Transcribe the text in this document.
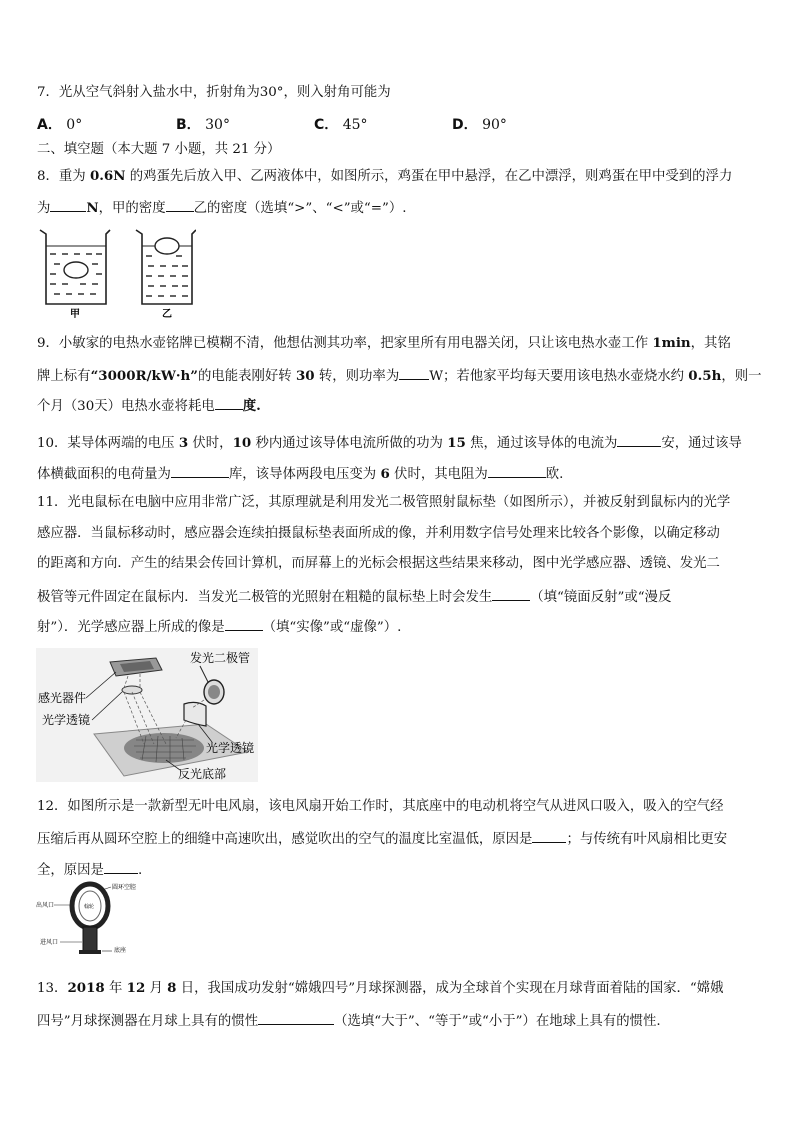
7．光从空气斜射入盐水中，折射角为30°，则入射角可能为
A． 0°	B． 30°	C． 45°	D． 90°
二、填空题（本大题 7 小题，共 21 分）
8．重为 0.6N 的鸡蛋先后放入甲、乙两液体中，如图所示，鸡蛋在甲中悬浮，在乙中漂浮，则鸡蛋在甲中受到的浮力
为	N，甲的密度 乙的密度（选填“>”、“<”或“=”）.
甲	乙
9．小敏家的电热水壶铭牌已模糊不清，他想估测其功率，把家里所有用电器关闭，只让该电热水壶工作 1min，其铭
牌上标有“3000R/kW·h”的电能表刚好转 30 转，则功率为 W；若他家平均每天要用该电热水壶烧水约 0.5h，则一
个月（30天）电热水壶将耗电 度.
10．某导体两端的电压 3 伏时，10 秒内通过该导体电流所做的功为 15 焦，通过该导体的电流为	安，通过该导
体横截面积的电荷量为	库，该导体两段电压变为 6 伏时，其电阻为	欧.
11．光电鼠标在电脑中应用非常广泛，其原理就是利用发光二极管照射鼠标垫（如图所示），并被反射到鼠标内的光学
感应器．当鼠标移动时，感应器会连续拍摄鼠标垫表面所成的像，并利用数字信号处理来比较各个影像，以确定移动
的距离和方向．产生的结果会传回计算机，而屏幕上的光标会根据这些结果来移动，图中光学感应器、透镜、发光二
极管等元件固定在鼠标内．当发光二极管的光照射在粗糙的鼠标垫上时会发生	（填“镜面反射”或“漫反
射”）．光学感应器上所成的像是	（填“实像”或“虚像”）.
发光二极管
感光器件
光学透镜
光学透镜
反光底部
12．如图所示是一款新型无叶电风扇，该电风扇开始工作时，其底座中的电动机将空气从进风口吸入，吸入的空气经
压缩后再从圆环空腔上的细缝中高速吹出，感觉吹出的空气的温度比室温低，原因是	；与传统有叶风扇相比更安
全，原因是	.
圆环空腔
出风口	翰轮
进风口
底座
13．2018 年 12 月 8 日，我国成功发射“嫦娥四号”月球探测器，成为全球首个实现在月球背面着陆的国家．“嫦娥
四号”月球探测器在月球上具有的惯性	（选填“大于”、“等于”或“小于”）在地球上具有的惯性.
